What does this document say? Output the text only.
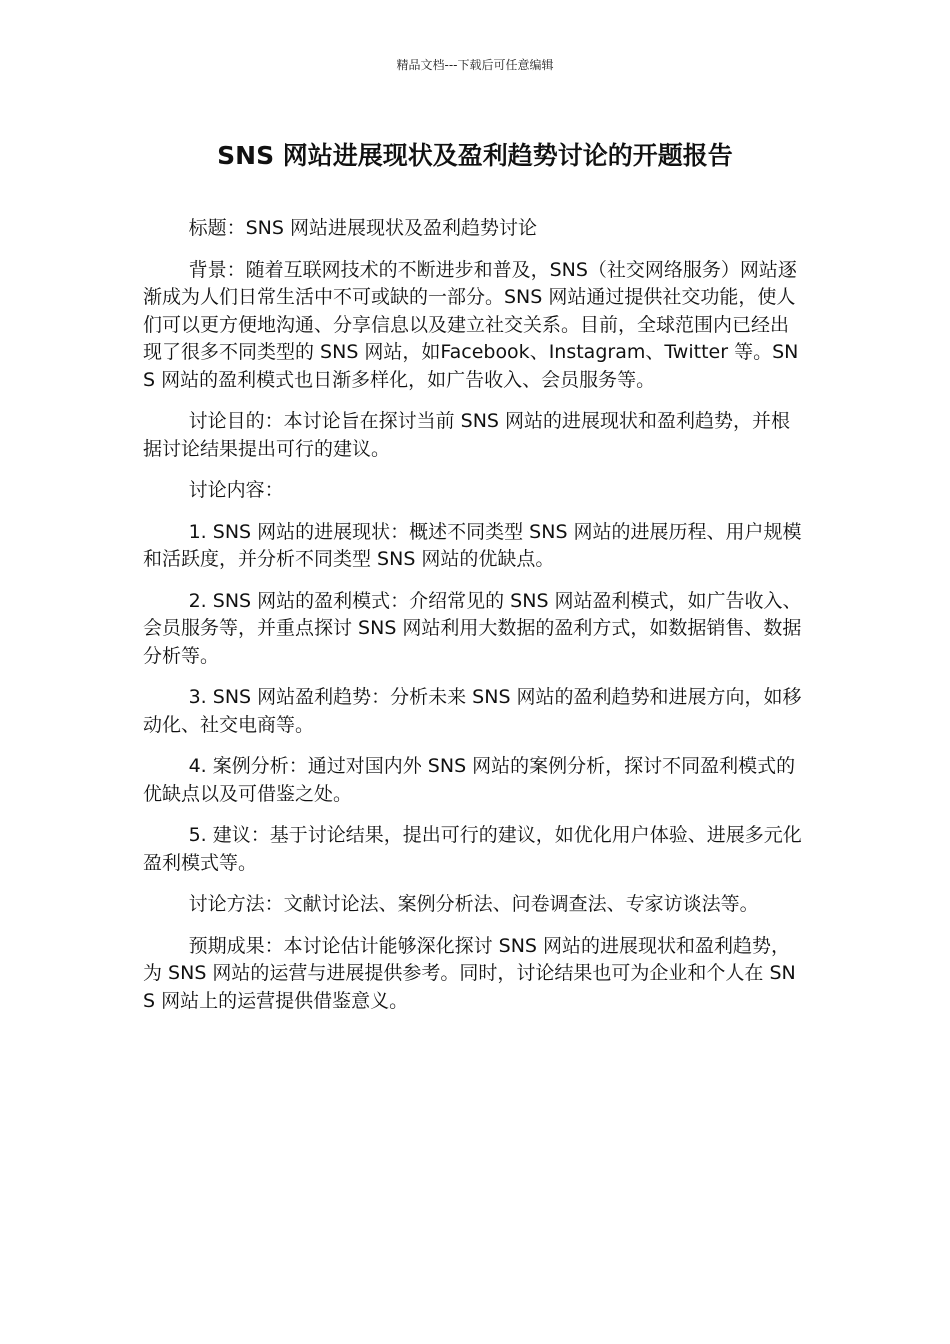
精品文档---下载后可任意编辑
SNS 网站进展现状及盈利趋势讨论的开题报告

标题：SNS 网站进展现状及盈利趋势讨论

背景：随着互联网技术的不断进步和普及，SNS（社交网络服务）网站逐渐成为人们日常生活中不可或缺的一部分。SNS 网站通过提供社交功能，使人们可以更方便地沟通、分享信息以及建立社交关系。目前，全球范围内已经出现了很多不同类型的 SNS 网站，如Facebook、Instagram、Twitter 等。SNS 网站的盈利模式也日渐多样化，如广告收入、会员服务等。

讨论目的：本讨论旨在探讨当前 SNS 网站的进展现状和盈利趋势，并根据讨论结果提出可行的建议。

讨论内容：

1. SNS 网站的进展现状：概述不同类型 SNS 网站的进展历程、用户规模和活跃度，并分析不同类型 SNS 网站的优缺点。

2. SNS 网站的盈利模式：介绍常见的 SNS 网站盈利模式，如广告收入、会员服务等，并重点探讨 SNS 网站利用大数据的盈利方式，如数据销售、数据分析等。

3. SNS 网站盈利趋势：分析未来 SNS 网站的盈利趋势和进展方向，如移动化、社交电商等。

4. 案例分析：通过对国内外 SNS 网站的案例分析，探讨不同盈利模式的优缺点以及可借鉴之处。

5. 建议：基于讨论结果，提出可行的建议，如优化用户体验、进展多元化盈利模式等。

讨论方法：文献讨论法、案例分析法、问卷调查法、专家访谈法等。

预期成果：本讨论估计能够深化探讨 SNS 网站的进展现状和盈利趋势，为 SNS 网站的运营与进展提供参考。同时，讨论结果也可为企业和个人在 SNS 网站上的运营提供借鉴意义。
